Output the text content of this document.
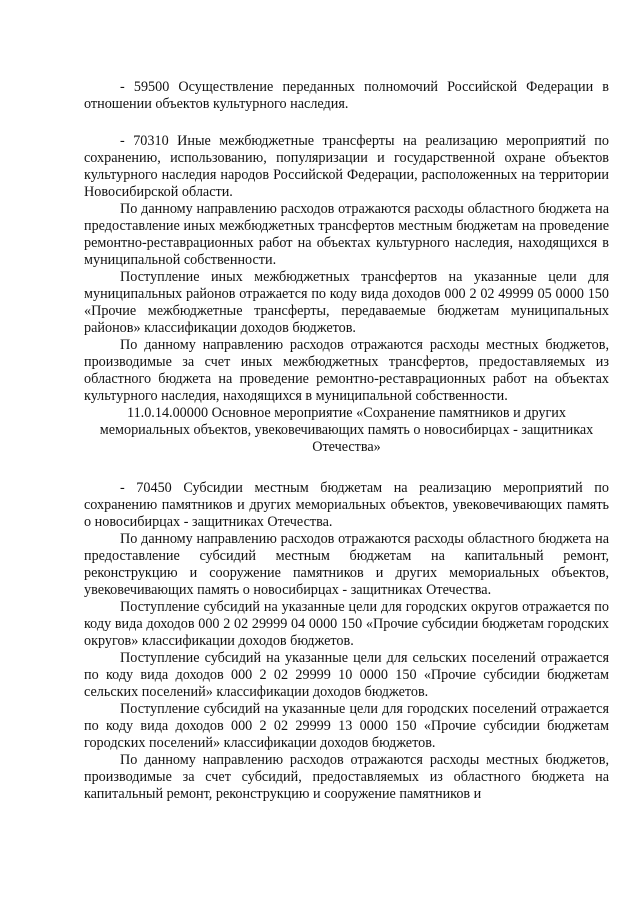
- 59500 Осуществление переданных полномочий Российской Федерации в отношении объектов культурного наследия.

- 70310 Иные межбюджетные трансферты на реализацию мероприятий по сохранению, использованию, популяризации и государственной охране объектов культурного наследия народов Российской Федерации, расположенных на территории Новосибирской области.

По данному направлению расходов отражаются расходы областного бюджета на предоставление иных межбюджетных трансфертов местным бюджетам на проведение ремонтно-реставрационных работ на объектах культурного наследия, находящихся в муниципальной собственности.

Поступление иных межбюджетных трансфертов на указанные цели для муниципальных районов отражается по коду вида доходов 000 2 02 49999 05 0000 150 «Прочие межбюджетные трансферты, передаваемые бюджетам муниципальных районов» классификации доходов бюджетов.

По данному направлению расходов отражаются расходы местных бюджетов, производимые за счет иных межбюджетных трансфертов, предоставляемых из областного бюджета на проведение ремонтно-реставрационных работ на объектах культурного наследия, находящихся в муниципальной собственности.

11.0.14.00000 Основное мероприятие «Сохранение памятников и других мемориальных объектов, увековечивающих память о новосибирцах - защитниках Отечества»

- 70450 Субсидии местным бюджетам на реализацию мероприятий по сохранению памятников и других мемориальных объектов, увековечивающих память о новосибирцах - защитниках Отечества.

По данному направлению расходов отражаются расходы областного бюджета на предоставление субсидий местным бюджетам на капитальный ремонт, реконструкцию и сооружение памятников и других мемориальных объектов, увековечивающих память о новосибирцах - защитниках Отечества.

Поступление субсидий на указанные цели для городских округов отражается по коду вида доходов 000 2 02 29999 04 0000 150 «Прочие субсидии бюджетам городских округов» классификации доходов бюджетов.

Поступление субсидий на указанные цели для сельских поселений отражается по коду вида доходов 000 2 02 29999 10 0000 150 «Прочие субсидии бюджетам сельских поселений» классификации доходов бюджетов.

Поступление субсидий на указанные цели для городских поселений отражается по коду вида доходов 000 2 02 29999 13 0000 150 «Прочие субсидии бюджетам городских поселений» классификации доходов бюджетов.

По данному направлению расходов отражаются расходы местных бюджетов, производимые за счет субсидий, предоставляемых из областного бюджета на капитальный ремонт, реконструкцию и сооружение памятников и
